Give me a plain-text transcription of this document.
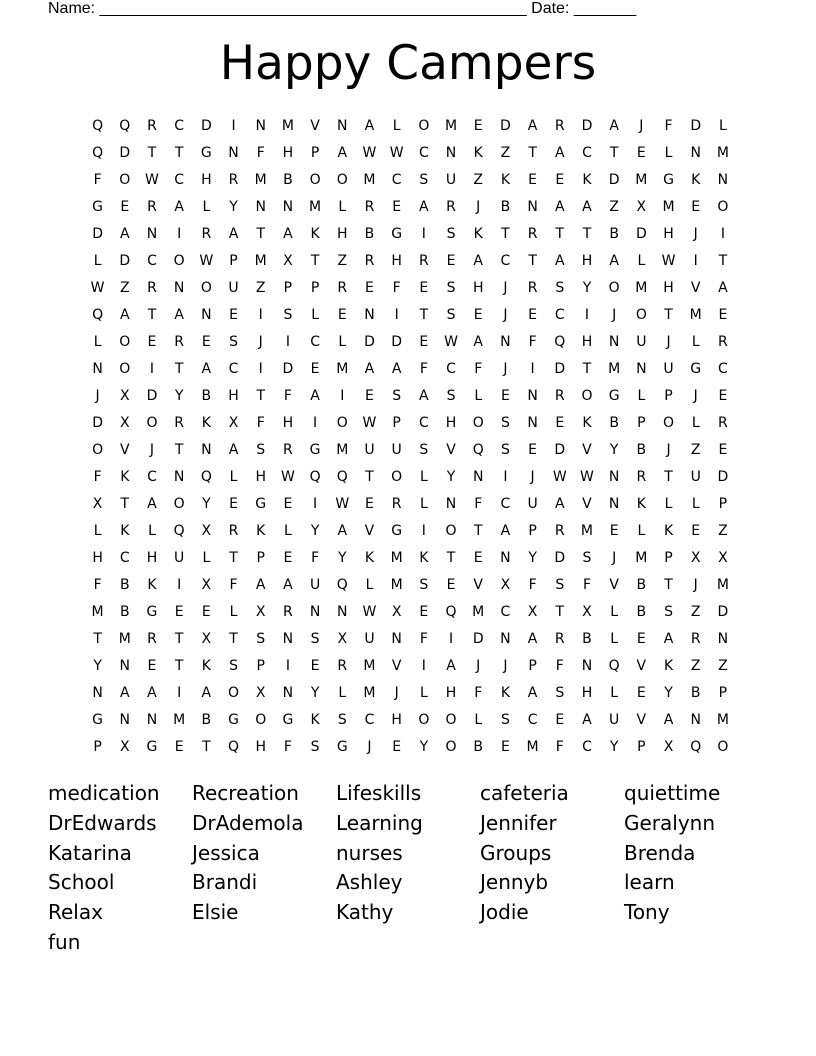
Name: ________________________________________________ Date: _______
Happy Campers
Q	Q	R	C	D	I	N	M	V	N	A	L	O	M	E	D	A	R	D	A	J	F	D	L
Q	D	T	T	G	N	F	H	P	A	W W	C	N	K	Z	T	A	C	T	E	L	N	M
F	O	W	C	H	R	M	B	O	O	M	C	S	U	Z	K	E	E	K	D	M	G	K	N
G	E	R	A	L	Y	N	N	M	L	R	E	A	R	J	B	N	A	A	Z	X	M	E	O
D	A	N	I	R	A	T	A	K	H	B	G	I	S	K	T	R	T	T	B	D	H	J	I
L	D	C	O	W	P	M	X	T	Z	R	H	R	E	A	C	T	A	H	A	L	W	I	T
W	Z	R	N	O	U	Z	P	P	R	E	F	E	S	H	J	R	S	Y	O	M	H	V	A
Q	A	T	A	N	E	I	S	L	E	N	I	T	S	E	J	E	C	I	J	O	T	M	E
L	O	E	R	E	S	J	I	C	L	D	D	E	W	A	N	F	Q	H	N	U	J	L	R
N	O	I	T	A	C	I	D	E	M	A	A	F	C	F	J	I	D	T	M	N	U	G	C
J	X	D	Y	B	H	T	F	A	I	E	S	A	S	L	E	N	R	O	G	L	P	J	E
D	X	O	R	K	X	F	H	I	O	W	P	C	H	O	S	N	E	K	B	P	O	L	R
O	V	J	T	N	A	S	R	G	M	U	U	S	V	Q	S	E	D	V	Y	B	J	Z	E
F	K	C	N	Q	L	H	W	Q	Q	T	O	L	Y	N	I	J	W W	N	R	T	U	D
X	T	A	O	Y	E	G	E	I	W	E	R	L	N	F	C	U	A	V	N	K	L	L	P
L	K	L	Q	X	R	K	L	Y	A	V	G	I	O	T	A	P	R	M	E	L	K	E	Z
H	C	H	U	L	T	P	E	F	Y	K	M	K	T	E	N	Y	D	S	J	M	P	X	X
F	B	K	I	X	F	A	A	U	Q	L	M	S	E	V	X	F	S	F	V	B	T	J	M
M	B	G	E	E	L	X	R	N	N	W	X	E	Q	M	C	X	T	X	L	B	S	Z	D
T	M	R	T	X	T	S	N	S	X	U	N	F	I	D	N	A	R	B	L	E	A	R	N
Y	N	E	T	K	S	P	I	E	R	M	V	I	A	J	J	P	F	N	Q	V	K	Z	Z
N	A	A	I	A	O	X	N	Y	L	M	J	L	H	F	K	A	S	H	L	E	Y	B	P
G	N	N	M	B	G	O	G	K	S	C	H	O	O	L	S	C	E	A	U	V	A	N	M
P	X	G	E	T	Q	H	F	S	G	J	E	Y	O	B	E	M	F	C	Y	P	X	Q	O
medication	Recreation	Lifeskills	cafeteria	quiettime
DrEdwards	DrAdemola	Learning	Jennifer	Geralynn
Katarina	Jessica	nurses	Groups	Brenda
School	Brandi	Ashley	Jennyb	learn
Relax	Elsie	Kathy	Jodie	Tony
fun
